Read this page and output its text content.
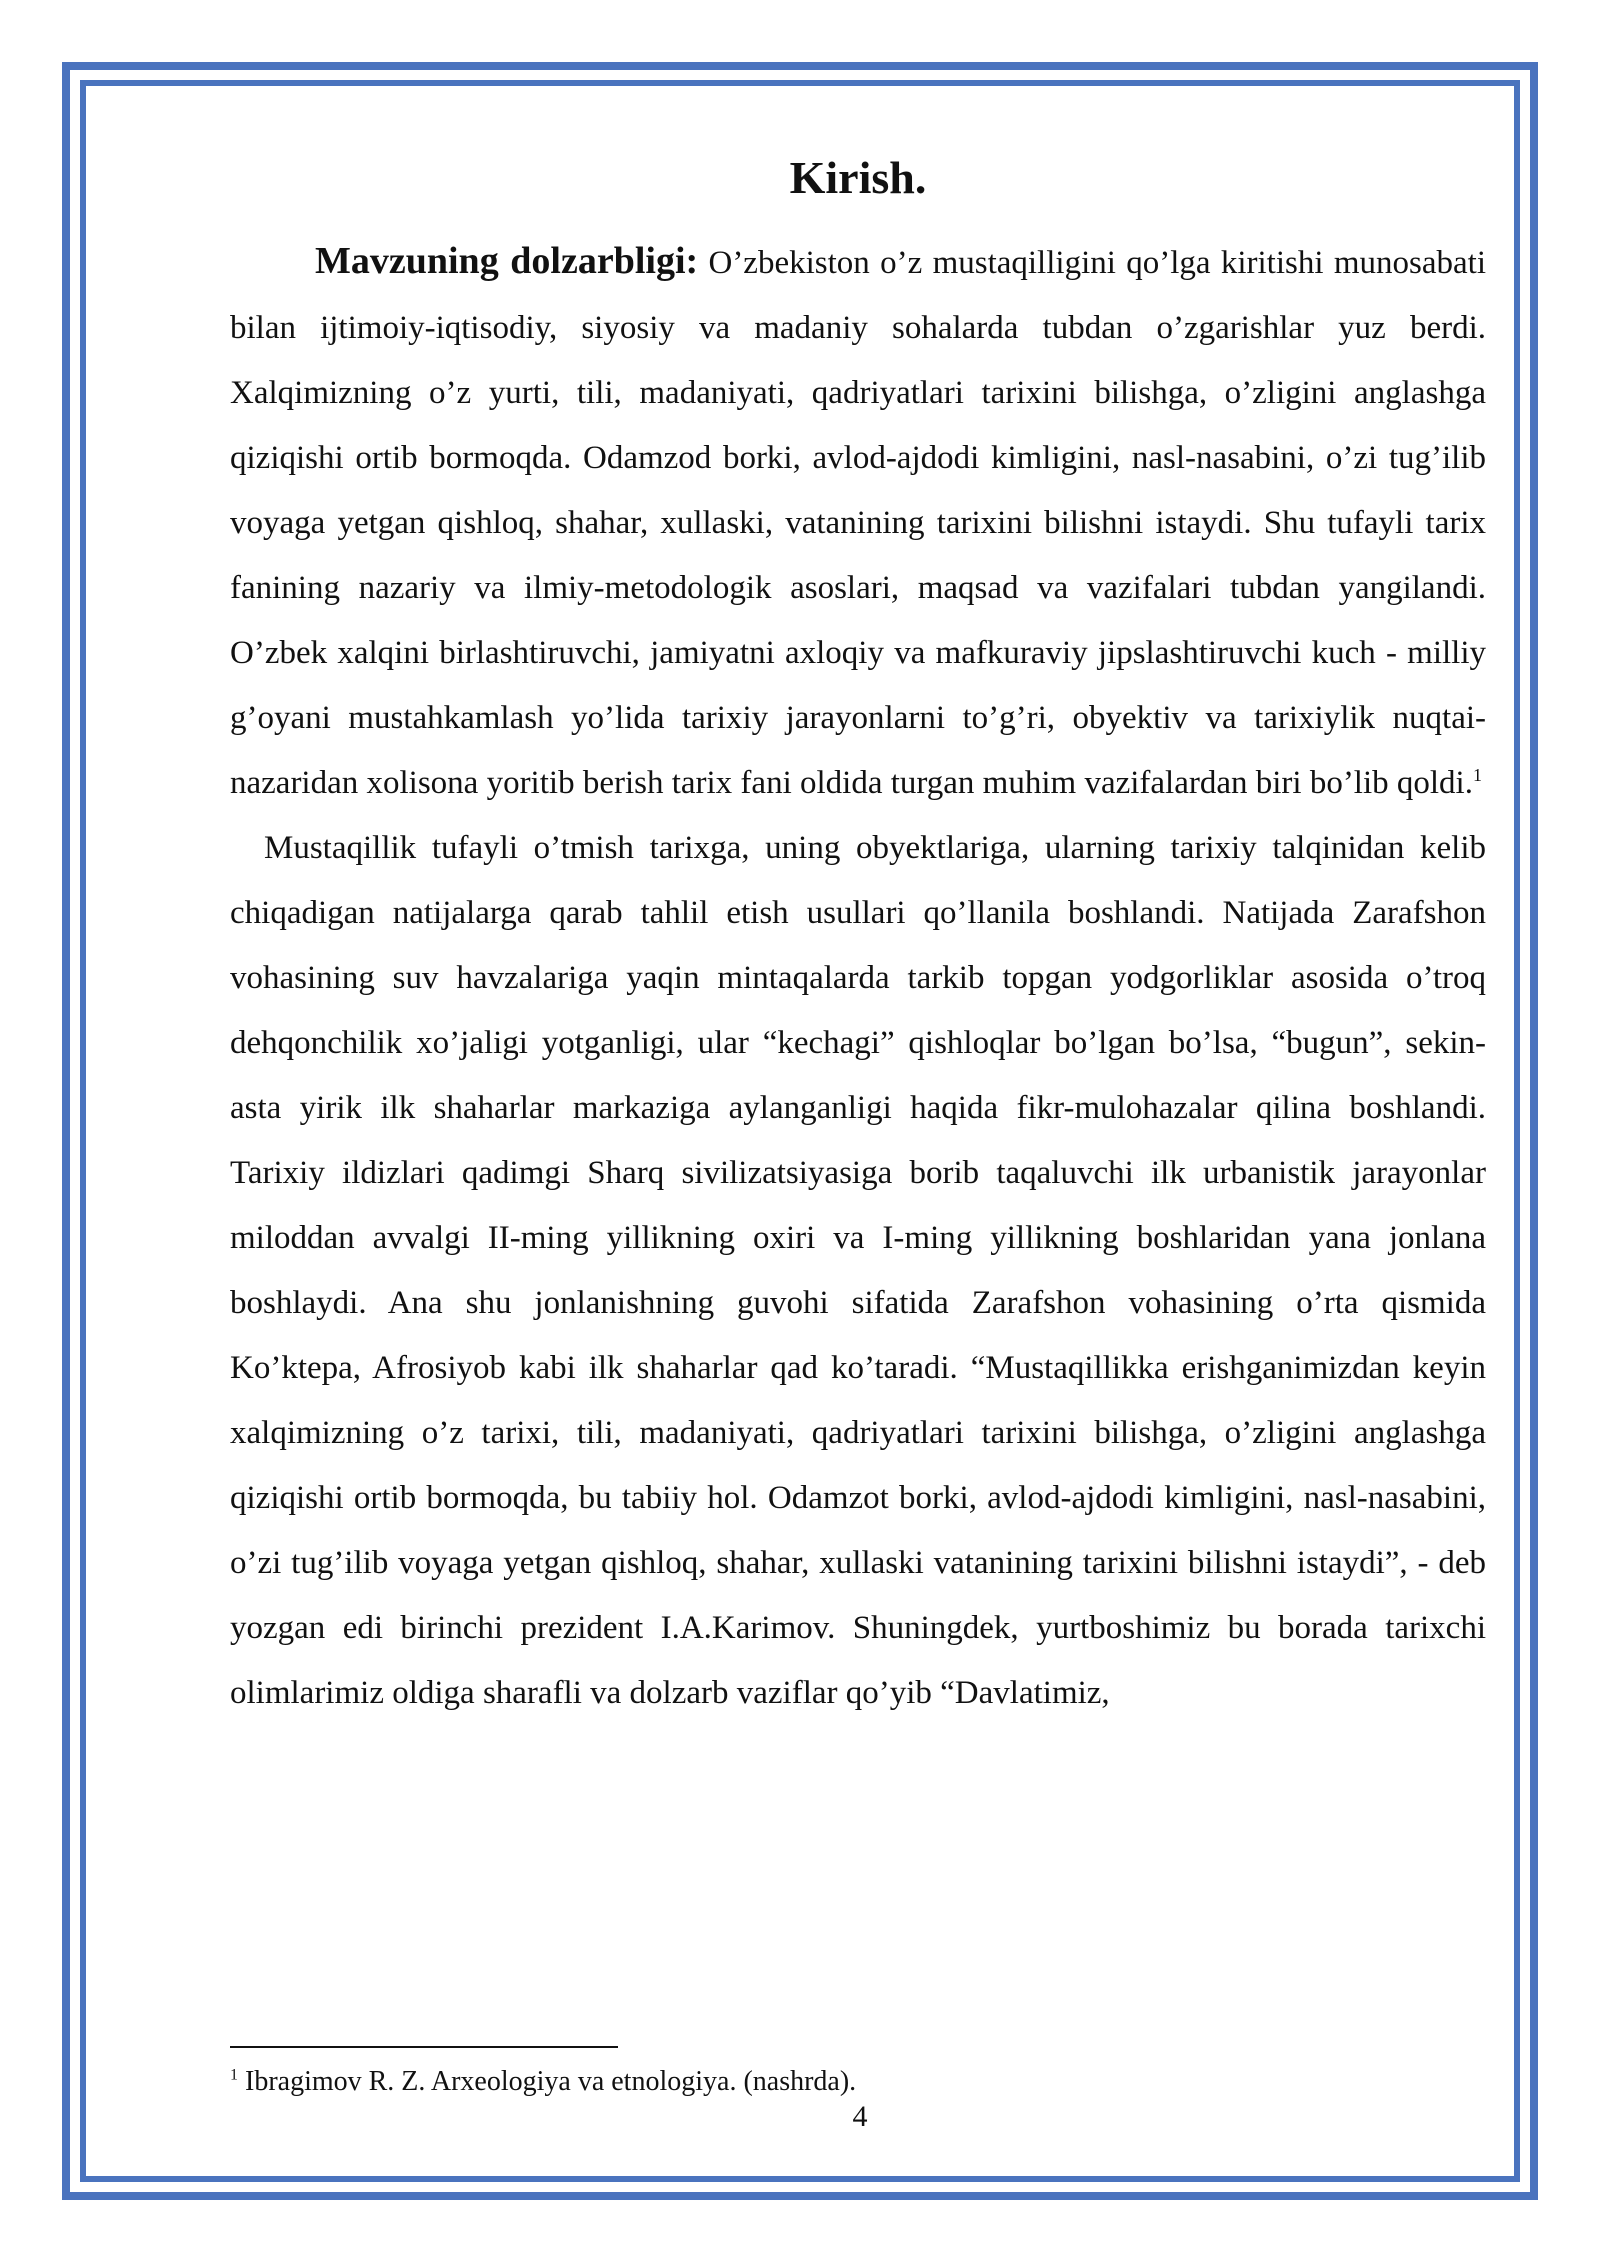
Kirish.

Mavzuning dolzarbligi: O’zbekiston o’z mustaqilligini qo’lga kiritishi munosabati bilan ijtimoiy-iqtisodiy, siyosiy va madaniy sohalarda tubdan o’zgarishlar yuz berdi. Xalqimizning o’z yurti, tili, madaniyati, qadriyatlari tarixini bilishga, o’zligini anglashga qiziqishi ortib bormoqda. Odamzod borki, avlod-ajdodi kimligini, nasl-nasabini, o’zi tug’ilib voyaga yetgan qishloq, shahar, xullaski, vatanining tarixini bilishni istaydi. Shu tufayli tarix fanining nazariy va ilmiy-metodologik asoslari, maqsad va vazifalari tubdan yangilandi. O’zbek xalqini birlashtiruvchi, jamiyatni axloqiy va mafkuraviy jipslashtiruvchi kuch - milliy g’oyani mustahkamlash yo’lida tarixiy jarayonlarni to’g’ri, obyektiv va tarixiylik nuqtai-nazaridan xolisona yoritib berish tarix fani oldida turgan muhim vazifalardan biri bo’lib qoldi.$^1$

Mustaqillik tufayli o’tmish tarixga, uning obyektlariga, ularning tarixiy talqinidan kelib chiqadigan natijalarga qarab tahlil etish usullari qo’llanila boshlandi. Natijada Zarafshon vohasining suv havzalariga yaqin mintaqalarda tarkib topgan yodgorliklar asosida o’troq dehqonchilik xo’jaligi yotganligi, ular “kechagi” qishloqlar bo’lgan bo’lsa, “bugun”, sekin-asta yirik ilk shaharlar markaziga aylanganligi haqida fikr-mulohazalar qilina boshlandi. Tarixiy ildizlari qadimgi Sharq sivilizatsiyasiga borib taqaluvchi ilk urbanistik jarayonlar miloddan avvalgi II-ming yillikning oxiri va I-ming yillikning boshlaridan yana jonlana boshlaydi. Ana shu jonlanishning guvohi sifatida Zarafshon vohasining o’rta qismida Ko’ktepa, Afrosiyob kabi ilk shaharlar qad ko’taradi. “Mustaqillikka erishganimizdan keyin xalqimizning o’z tarixi, tili, madaniyati, qadriyatlari tarixini bilishga, o’zligini anglashga qiziqishi ortib bormoqda, bu tabiiy hol. Odamzot borki, avlod-ajdodi kimligini, nasl-nasabini, o’zi tug’ilib voyaga yetgan qishloq, shahar, xullaski vatanining tarixini bilishni istaydi”, - deb yozgan edi birinchi prezident I.A.Karimov. Shuningdek, yurtboshimiz bu borada tarixchi olimlarimiz oldiga sharafli va dolzarb vaziflar qo’yib “Davlatimiz,

$^1$ Ibragimov R. Z. Arxeologiya va etnologiya. (nashrda).
4
